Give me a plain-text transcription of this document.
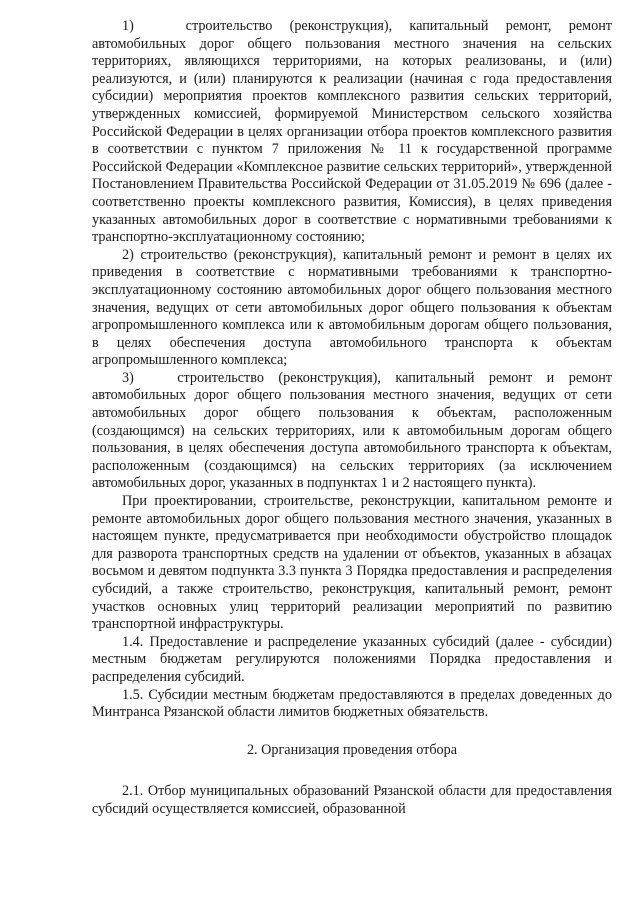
1)   строительство (реконструкция), капитальный ремонт, ремонт автомобильных дорог общего пользования местного значения на сельских территориях, являющихся территориями, на которых реализованы, и (или) реализуются, и (или) планируются к реализации (начиная с года предоставления субсидии) мероприятия проектов комплексного развития сельских территорий, утвержденных комиссией, формируемой Министерством сельского хозяйства Российской Федерации в целях организации отбора проектов комплексного развития в соответствии с пунктом 7 приложения № 11 к государственной программе Российской Федерации «Комплексное развитие сельских территорий», утвержденной Постановлением Правительства Российской Федерации от 31.05.2019 № 696 (далее - соответственно проекты комплексного развития, Комиссия), в целях приведения указанных автомобильных дорог в соответствие с нормативными требованиями к транспортно-эксплуатационному состоянию;

2) строительство (реконструкция), капитальный ремонт и ремонт в целях их приведения в соответствие с нормативными требованиями к транспортно-эксплуатационному состоянию автомобильных дорог общего пользования местного значения, ведущих от сети автомобильных дорог общего пользования к объектам агропромышленного комплекса или к автомобильным дорогам общего пользования, в целях обеспечения доступа автомобильного транспорта к объектам агропромышленного комплекса;

3)   строительство (реконструкция), капитальный ремонт и ремонт автомобильных дорог общего пользования местного значения, ведущих от сети автомобильных дорог общего пользования к объектам, расположенным (создающимся) на сельских территориях, или к автомобильным дорогам общего пользования, в целях обеспечения доступа автомобильного транспорта к объектам, расположенным (создающимся) на сельских территориях (за исключением автомобильных дорог, указанных в подпунктах 1 и 2 настоящего пункта).

При проектировании, строительстве, реконструкции, капитальном ремонте и ремонте автомобильных дорог общего пользования местного значения, указанных в настоящем пункте, предусматривается при необходимости обустройство площадок для разворота транспортных средств на удалении от объектов, указанных в абзацах восьмом и девятом подпункта 3.3 пункта 3 Порядка предоставления и распределения субсидий, а также строительство, реконструкция, капитальный ремонт, ремонт участков основных улиц территорий реализации мероприятий по развитию транспортной инфраструктуры.

1.4. Предоставление и распределение указанных субсидий (далее - субсидии) местным бюджетам регулируются положениями Порядка предоставления и распределения субсидий.

1.5. Субсидии местным бюджетам предоставляются в пределах доведенных до Минтранса Рязанской области лимитов бюджетных обязательств.

2. Организация проведения отбора

2.1. Отбор муниципальных образований Рязанской области для предоставления субсидий осуществляется комиссией, образованной
